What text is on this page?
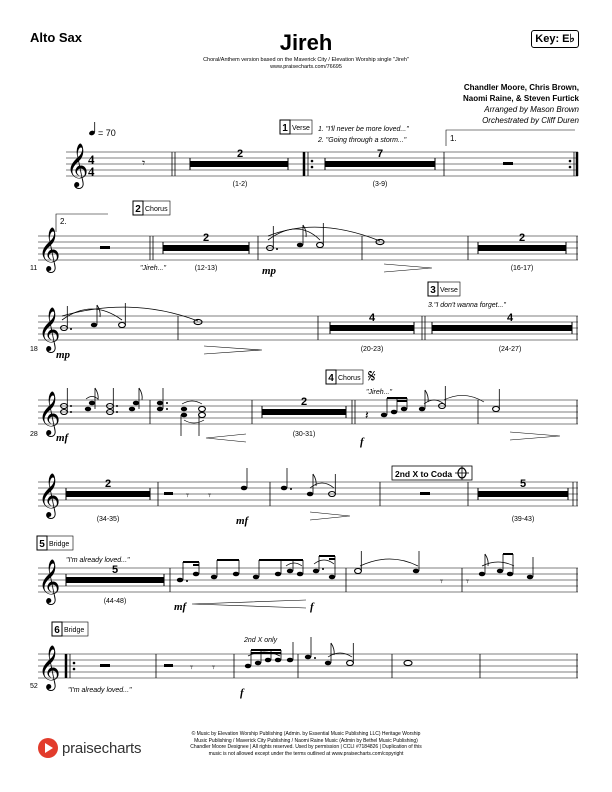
Alto Sax	Jireh
Choral/Anthem version based on the Maverick City / Elevation Worship single "Jireh"
www.praisecharts.com/76695
Key: E♭
Chandler Moore, Chris Brown,
Naomi Raine, & Steven Furtick
Arranged by Mason Brown
Orchestrated by Cliff Duren
𝄞 4
4
= 70
𝄾
2
(1-2)
1 Verse 1. "I'll never be more loved..."
2. "Going through a storm..."
7
(3-9)
1.
𝄞
11
2.
2 Chorus
"Jireh..."
2
(12-13)	mp
2
(16-17)
𝄞
18 mp
4
(20-23)
3 Verse
3."I don't wanna forget..."
4
(24-27)
𝄞
28 mf
2
(30-31)
4 Chorus 𝄋
"Jireh..."
𝄽
f
𝄞	2
(34-35)
𝄾 𝄾
mf
2nd X to Coda
5
(39-43)
𝄞
5 Bridge
"I'm already loved..."
5
(44-48)	mf	f
𝄾 𝄾
𝄞
52
6 Bridge
"I'm already loved..."
𝄾 𝄾
2nd X only
f
praisecharts
© Music by Elevation Worship Publishing (Admin. by Essential Music Publishing LLC) Heritage Worship
Music Publishing / Maverick City Publishing / Naomi Raine Music (Admin by Bethel Music Publishing)
Chandler Moore Designee | All rights reserved. Used by permission | CCLI #7184826 | Duplication of this
music is not allowed except under the terms outlined at www.praisecharts.com/copyright
